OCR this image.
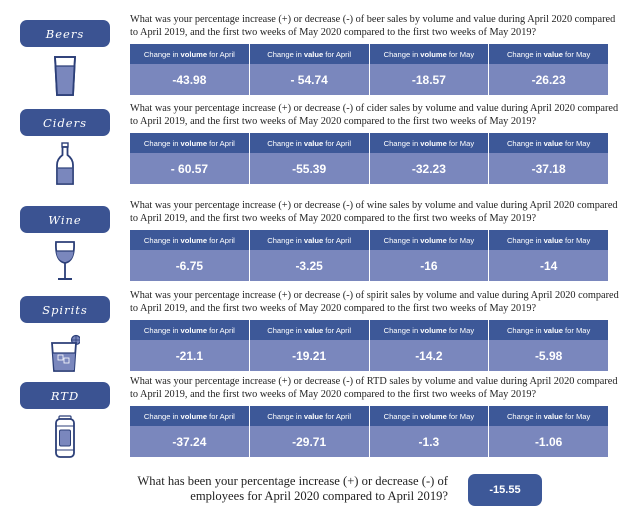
Beers
What was your percentage increase (+) or decrease (-) of beer sales by volume and value during April 2020 compared to April 2019, and the first two weeks of May 2020 compared to the first two weeks of May 2019?
Change in volume for April	Change in value for April	Change in volume for May	Change in value for May
-43.98	- 54.74	-18.57	-26.23
Ciders
What was your percentage increase (+) or decrease (-) of cider sales by volume and value during April 2020 compared to April 2019, and the first two weeks of May 2020 compared to the first two weeks of May 2019?
Change in volume for April	Change in value for April	Change in volume for May	Change in value for May
- 60.57	-55.39	-32.23	-37.18
Wine
What was your percentage increase (+) or decrease (-) of wine sales by volume and value during April 2020 compared to April 2019, and the first two weeks of May 2020 compared to the first two weeks of May 2019?
Change in volume for April	Change in value for April	Change in volume for May	Change in value for May
-6.75	-3.25	-16	-14
Spirits
What was your percentage increase (+) or decrease (-) of spirit sales by volume and value during April 2020 compared to April 2019, and the first two weeks of May 2020 compared to the first two weeks of May 2019?
Change in volume for April	Change in value for April	Change in volume for May	Change in value for May
-21.1	-19.21	-14.2	-5.98
RTD
What was your percentage increase (+) or decrease (-) of RTD sales by volume and value during April 2020 compared to April 2019, and the first two weeks of May 2020 compared to the first two weeks of May 2019?
Change in volume for April	Change in value for April	Change in volume for May	Change in value for May
-37.24	-29.71	-1.3	-1.06
What has been your percentage increase (+) or decrease (-) of employees for April 2020 compared to April 2019?	-15.55
